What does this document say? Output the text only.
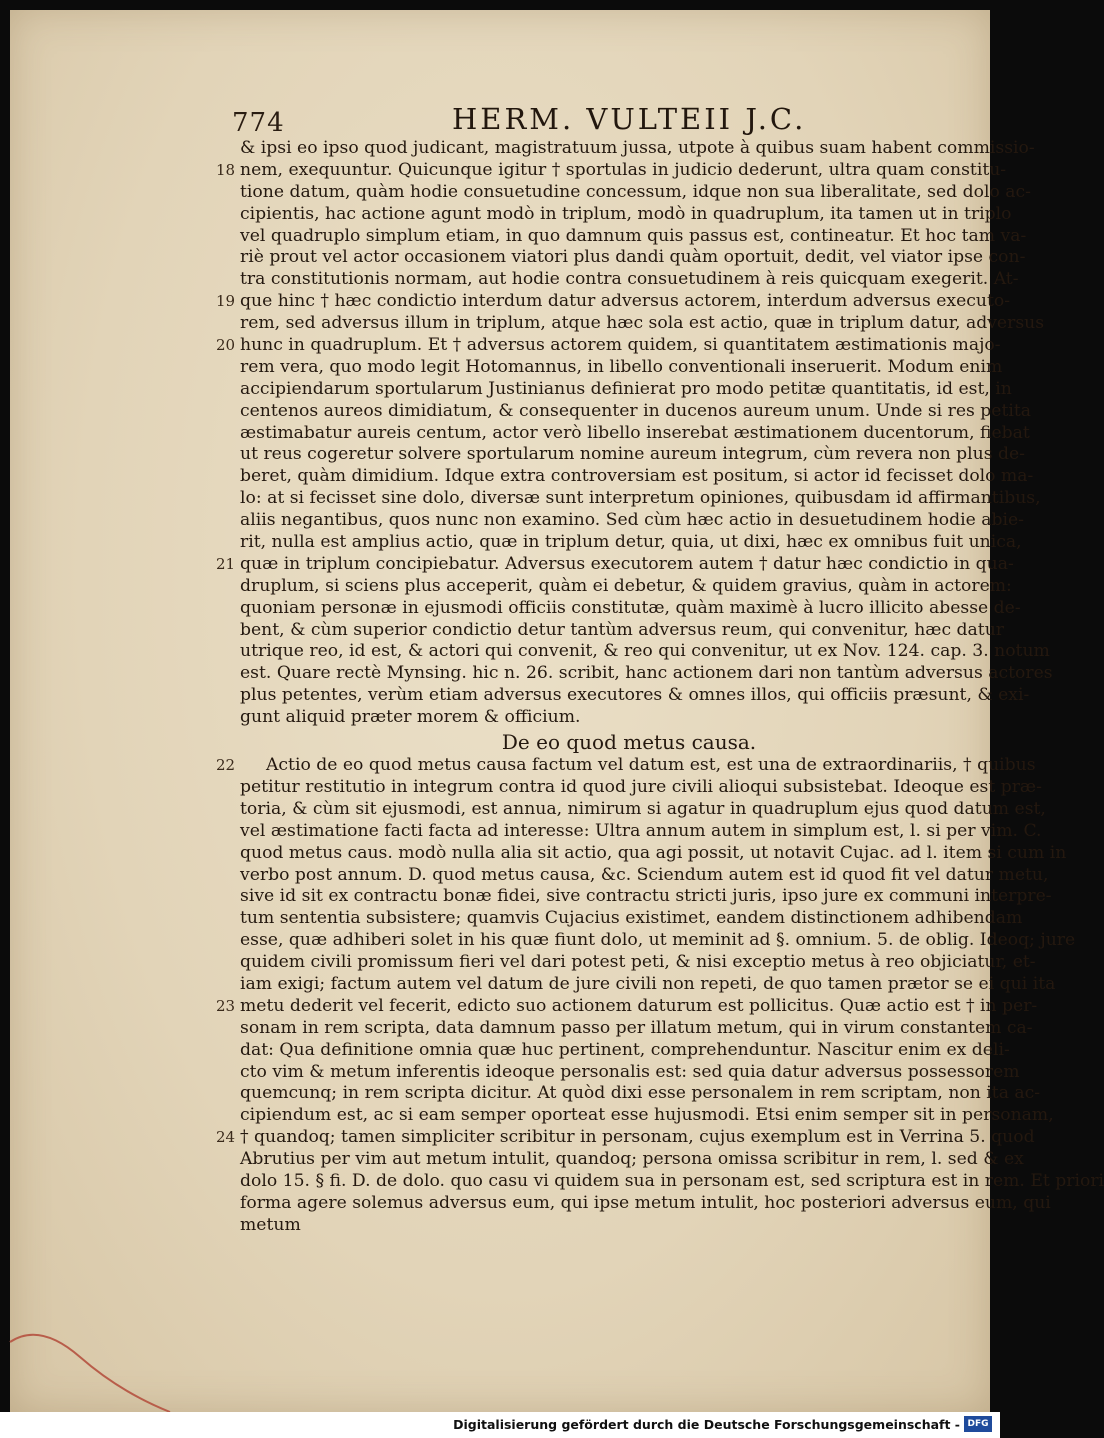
774	HERM. VULTEII J.C.
& ipsi eo ipso quod judicant, magistratuum jussa, utpote à quibus suam habent commissio-
nem, exequuntur. Quicunque igitur † sportulas in judicio dederunt, ultra quam constitu-
18
tione datum, quàm hodie consuetudine concessum, idque non sua liberalitate, sed dolo ac-
cipientis, hac actione agunt modò in triplum, modò in quadruplum, ita tamen ut in triplo
vel quadruplo simplum etiam, in quo damnum quis passus est, contineatur. Et hoc tam va-
riè prout vel actor occasionem viatori plus dandi quàm oportuit, dedit, vel viator ipse con-
tra constitutionis normam, aut hodie contra consuetudinem à reis quicquam exegerit. At-
que hinc † hæc condictio interdum datur adversus actorem, interdum adversus executo-
19
rem, sed adversus illum in triplum, atque hæc sola est actio, quæ in triplum datur, adversus
hunc in quadruplum. Et † adversus actorem quidem, si quantitatem æstimationis majo-
20
rem vera, quo modo legit Hotomannus, in libello conventionali inseruerit. Modum enim
accipiendarum sportularum Justinianus definierat pro modo petitæ quantitatis, id est, in
centenos aureos dimidiatum, & consequenter in ducenos aureum unum. Unde si res petita
æstimabatur aureis centum, actor verò libello inserebat æstimationem ducentorum, fiebat
ut reus cogeretur solvere sportularum nomine aureum integrum, cùm revera non plus de-
beret, quàm dimidium. Idque extra controversiam est positum, si actor id fecisset dolo ma-
lo: at si fecisset sine dolo, diversæ sunt interpretum opiniones, quibusdam id affirmantibus,
aliis negantibus, quos nunc non examino. Sed cùm hæc actio in desuetudinem hodie abie-
rit, nulla est amplius actio, quæ in triplum detur, quia, ut dixi, hæc ex omnibus fuit unica,
quæ in triplum concipiebatur. Adversus executorem autem † datur hæc condictio in qua-
21
druplum, si sciens plus acceperit, quàm ei debetur, & quidem gravius, quàm in actorem:
quoniam personæ in ejusmodi officiis constitutæ, quàm maximè à lucro illicito abesse de-
bent, & cùm superior condictio detur tantùm adversus reum, qui convenitur, hæc datur
utrique reo, id est, & actori qui convenit, & reo qui convenitur, ut ex Nov. 124. cap. 3. notum
est. Quare rectè Mynsing. hic n. 26. scribit, hanc actionem dari non tantùm adversus actores
plus petentes, verùm etiam adversus executores & omnes illos, qui officiis præsunt, & exi-
gunt aliquid præter morem & officium.
De eo quod metus causa.
Actio de eo quod metus causa factum vel datum est, est una de extraordinariis, † quibus
22
petitur restitutio in integrum contra id quod jure civili alioqui subsistebat. Ideoque est præ-
toria, & cùm sit ejusmodi, est annua, nimirum si agatur in quadruplum ejus quod datum est,
vel æstimatione facti facta ad interesse: Ultra annum autem in simplum est, l. si per vim. C.
quod metus caus. modò nulla alia sit actio, qua agi possit, ut notavit Cujac. ad l. item si cum in
verbo post annum. D. quod metus causa, &c. Sciendum autem est id quod fit vel datur metu,
sive id sit ex contractu bonæ fidei, sive contractu stricti juris, ipso jure ex communi interpre-
tum sententia subsistere; quamvis Cujacius existimet, eandem distinctionem adhibendam
esse, quæ adhiberi solet in his quæ fiunt dolo, ut meminit ad §. omnium. 5. de oblig. Ideoq; jure
quidem civili promissum fieri vel dari potest peti, & nisi exceptio metus à reo objiciatur, et-
iam exigi; factum autem vel datum de jure civili non repeti, de quo tamen prætor se ei qui ita
metu dederit vel fecerit, edicto suo actionem daturum est pollicitus. Quæ actio est † in per-
23
sonam in rem scripta, data damnum passo per illatum metum, qui in virum constantem ca-
dat: Qua definitione omnia quæ huc pertinent, comprehenduntur. Nascitur enim ex deli-
cto vim & metum inferentis ideoque personalis est: sed quia datur adversus possessorem
quemcunq; in rem scripta dicitur. At quòd dixi esse personalem in rem scriptam, non ita ac-
cipiendum est, ac si eam semper oporteat esse hujusmodi. Etsi enim semper sit in personam,
† quandoq; tamen simpliciter scribitur in personam, cujus exemplum est in Verrina 5. quod
24
Abrutius per vim aut metum intulit, quandoq; persona omissa scribitur in rem, l. sed & ex
dolo 15. § fi. D. de dolo. quo casu vi quidem sua in personam est, sed scriptura est in rem. Et priori
forma agere solemus adversus eum, qui ipse metum intulit, hoc posteriori adversus eum, qui
metum
Digitalisierung gefördert durch die Deutsche Forschungsgemeinschaft - DFG
